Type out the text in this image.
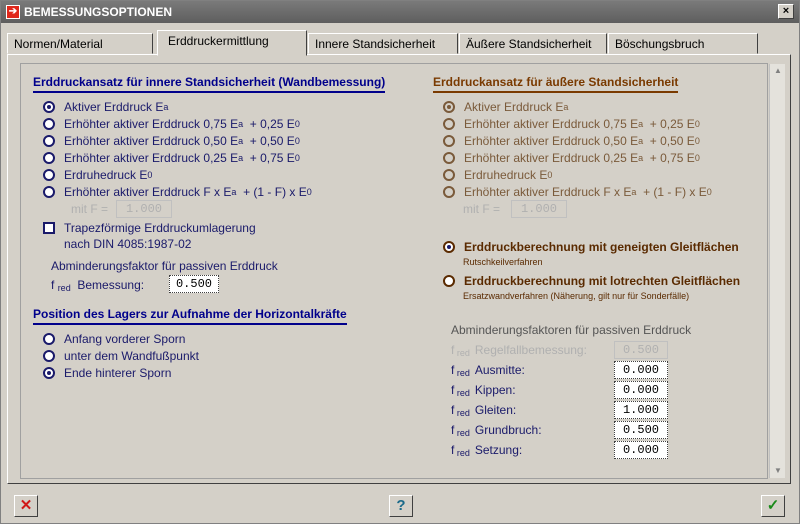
➔ BEMESSUNGSOPTIONEN	×
Normen/Material	Erddruckermittlung	Innere Standsicherheit	Äußere Standsicherheit	Böschungsbruch
Erddruckansatz für innere Standsicherheit (Wandbemessung)
Aktiver Erddruck E a
Erhöhter aktiver Erddruck 0,75 E a + 0,25 E 0
Erhöhter aktiver Erddruck 0,50 E a + 0,50 E 0
Erhöhter aktiver Erddruck 0,25 E a + 0,75 E 0
Erdruhedruck E 0
Erhöhter aktiver Erddruck F x E a + (1 - F) x E 0
mit F =	1.000
Trapezförmige Erddruckumlagerung
nach DIN 4085:1987-02
Abminderungsfaktor für passiven Erddruck
f $_{red}$ Bemessung:	0.500
Position des Lagers zur Aufnahme der Horizontalkräfte
Anfang vorderer Sporn
unter dem Wandfußpunkt
Ende hinterer Sporn
Erddruckansatz für äußere Standsicherheit
Aktiver Erddruck E a
Erhöhter aktiver Erddruck 0,75 E a + 0,25 E 0
Erhöhter aktiver Erddruck 0,50 E a + 0,50 E 0
Erhöhter aktiver Erddruck 0,25 E a + 0,75 E 0
Erdruhedruck E 0
Erhöhter aktiver Erddruck F x E a + (1 - F) x E 0
mit F =	1.000
Erddruckberechnung mit geneigten Gleitflächen
Rutschkeilverfahren
Erddruckberechnung mit lotrechten Gleitflächen
Ersatzwandverfahren (Näherung, gilt nur für Sonderfälle)
Abminderungsfaktoren für passiven Erddruck
f $_{red}$  Regelfallbemessung:	0.500
f $_{red}$  Ausmitte:	0.000
f $_{red}$  Kippen:	0.000
f $_{red}$  Gleiten:	1.000
f $_{red}$  Grundbruch:	0.500
f $_{red}$  Setzung:	0.000
▲
▼
✕	?	✓
